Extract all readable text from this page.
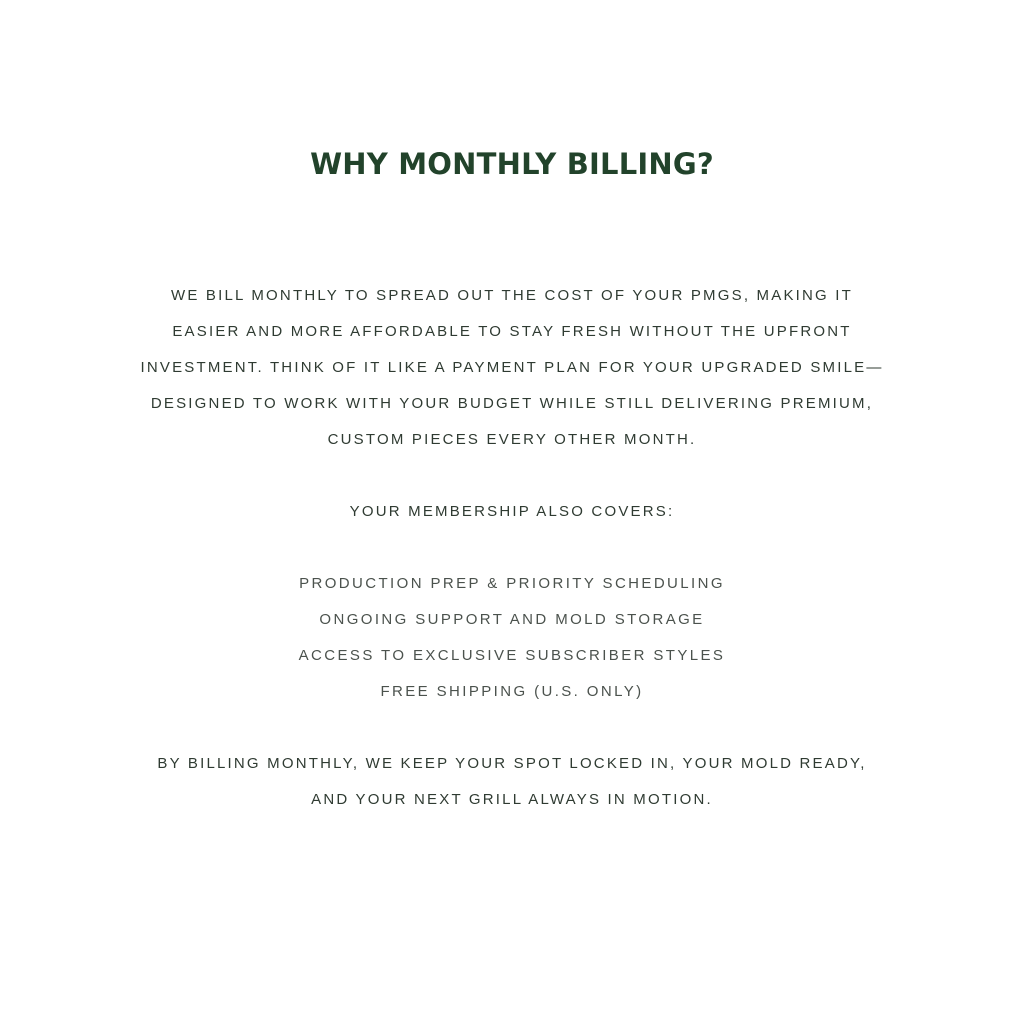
WHY MONTHLY BILLING?
WE BILL MONTHLY TO SPREAD OUT THE COST OF YOUR PMGS, MAKING IT
EASIER AND MORE AFFORDABLE TO STAY FRESH WITHOUT THE UPFRONT
INVESTMENT. THINK OF IT LIKE A PAYMENT PLAN FOR YOUR UPGRADED SMILE—
DESIGNED TO WORK WITH YOUR BUDGET WHILE STILL DELIVERING PREMIUM,
CUSTOM PIECES EVERY OTHER MONTH.
YOUR MEMBERSHIP ALSO COVERS:
PRODUCTION PREP & PRIORITY SCHEDULING
ONGOING SUPPORT AND MOLD STORAGE
ACCESS TO EXCLUSIVE SUBSCRIBER STYLES
FREE SHIPPING (U.S. ONLY)
BY BILLING MONTHLY, WE KEEP YOUR SPOT LOCKED IN, YOUR MOLD READY,
AND YOUR NEXT GRILL ALWAYS IN MOTION.
